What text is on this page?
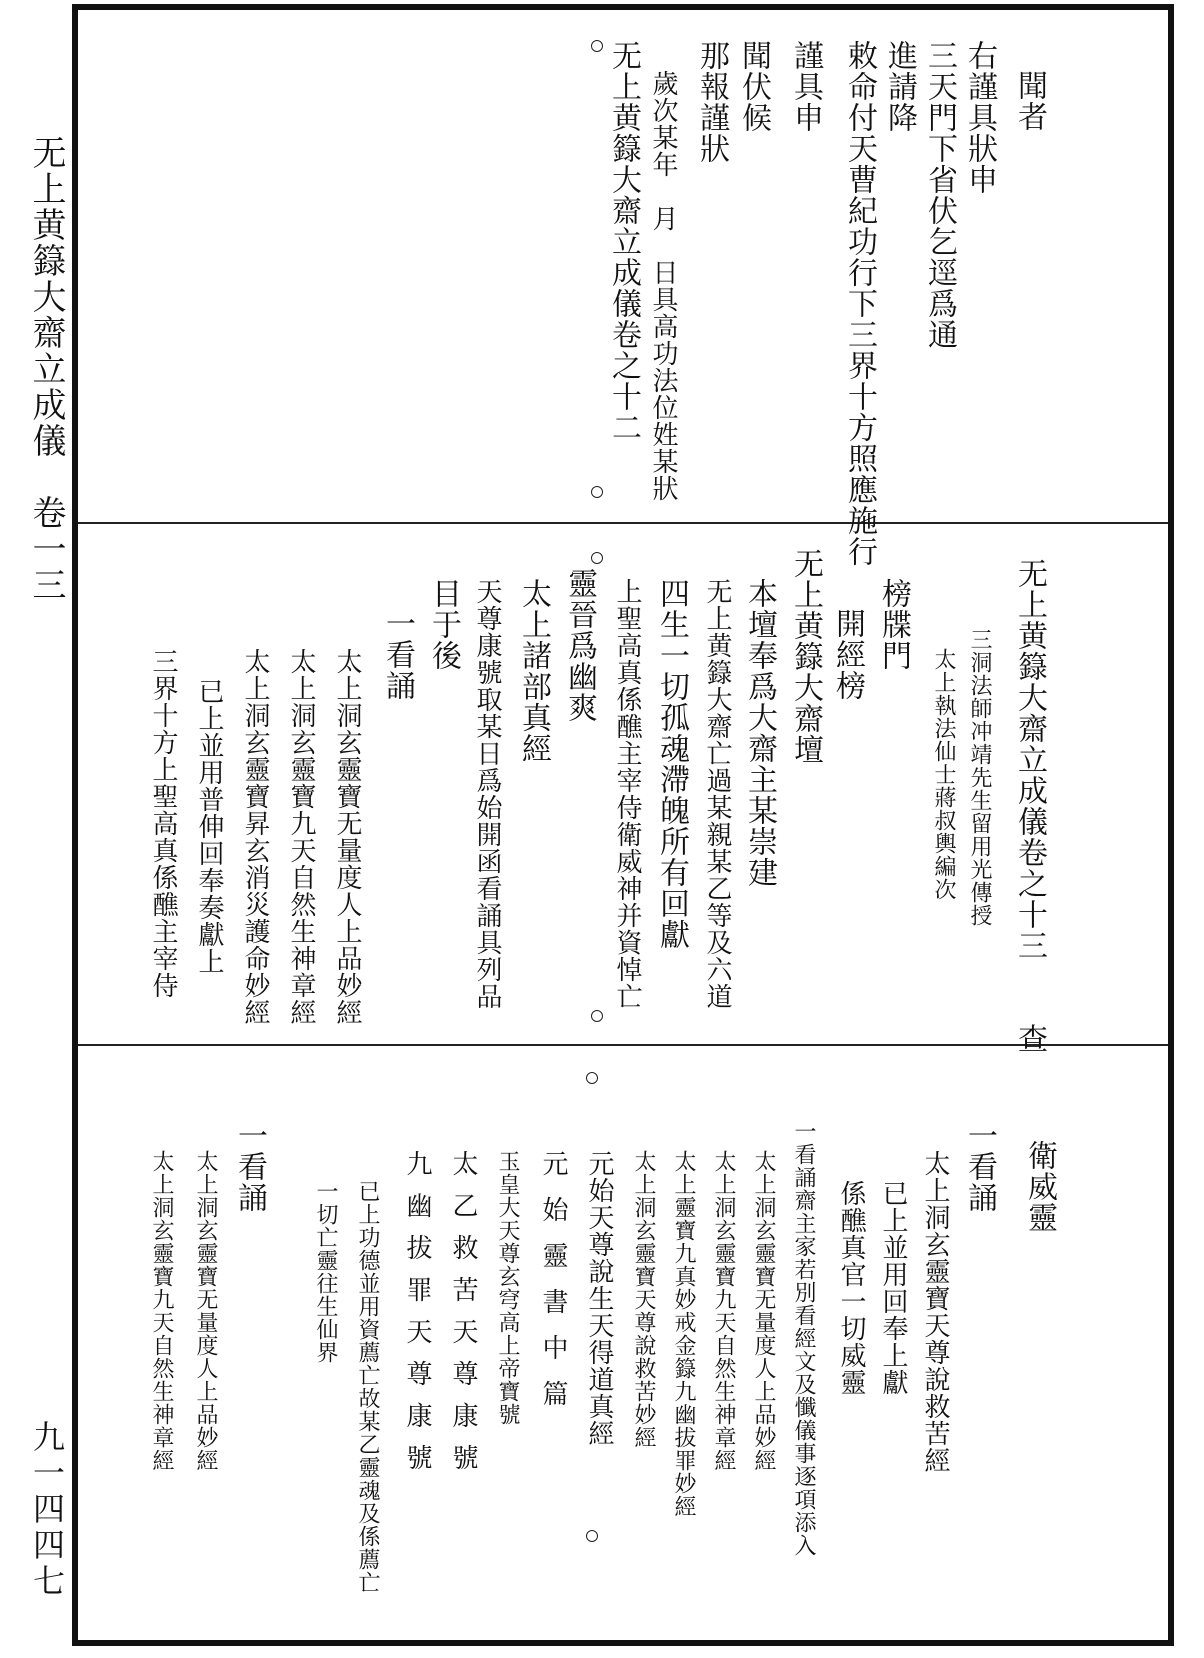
无上黄籙大齋立成儀　卷一三
九一四四七
聞者
右謹具狀申
三天門下省伏乞逕爲通
進請降
敕命付天曹紀功行下三界十方照應施行
謹具申
聞伏候
那報謹狀
歲次某年　月　日具高功法位姓某狀
无上黄籙大齋立成儀卷之十二
无上黄籙大齋立成儀卷之十三　　查
三洞法師冲靖先生留用光傳授
太上執法仙士蔣叔輿編次
榜牒門
開經榜
无上黄籙大齋壇
本壇奉爲大齋主某崇建
无上黄籙大齋亡過某親某乙等及六道
四生一切孤魂滯魄所有回獻
上聖高真係醮主宰侍衛威神并資悼亡
靈晉爲幽爽
太上諸部真經
天尊康號取某日爲始開函看誦具列品
目于後
一看誦
太上洞玄靈寶无量度人上品妙經
太上洞玄靈寶九天自然生神章經
太上洞玄靈寶昇玄消災護命妙經
已上並用普伸回奉奏獻上
三界十方上聖高真係醮主宰侍
衛威靈
一看誦
太上洞玄靈寶天尊說救苦經
已上並用回奉上獻
係醮真官一切威靈
一看誦齋主家若別看經文及懺儀事逐項添入
太上洞玄靈寶无量度人上品妙經
太上洞玄靈寶九天自然生神章經
太上靈寶九真妙戒金籙九幽拔罪妙經
太上洞玄靈寶天尊說救苦妙經
元始天尊說生天得道真經
元始靈書中篇
玉皇大天尊玄穹高上帝寶號
太乙救苦天尊康號
九幽拔罪天尊康號
已上功德並用資薦亡故某乙靈魂及係薦亡
一切亡靈往生仙界
一看誦
太上洞玄靈寶无量度人上品妙經
太上洞玄靈寶九天自然生神章經
